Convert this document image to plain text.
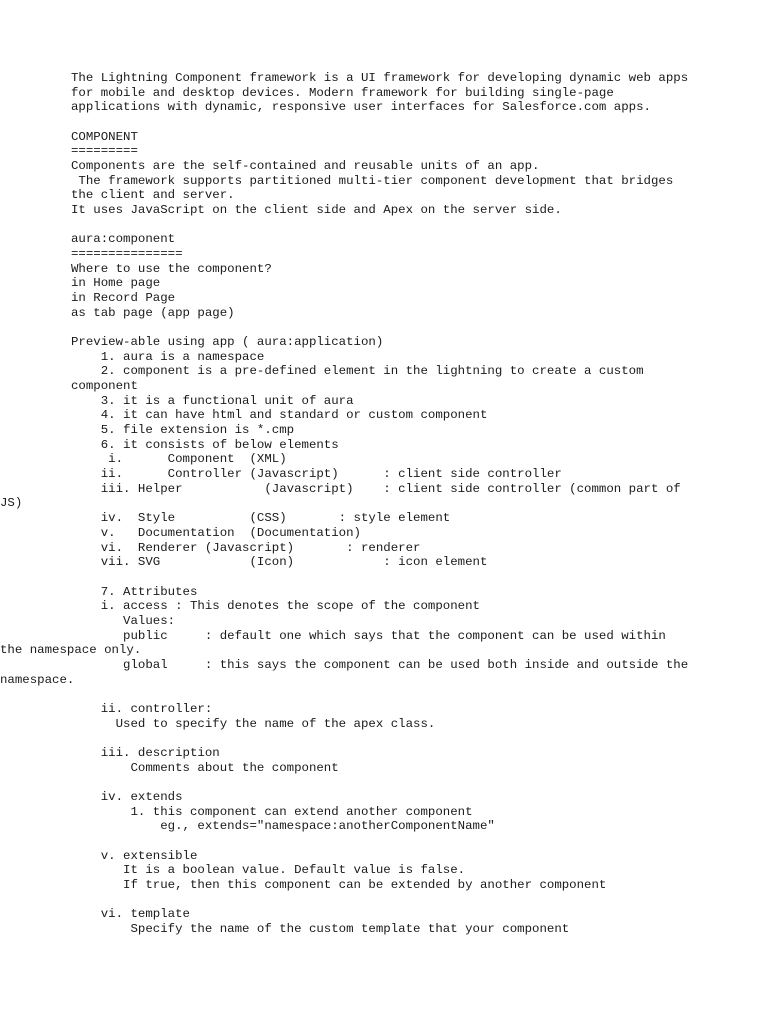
The Lightning Component framework is a UI framework for developing dynamic web apps
for mobile and desktop devices. Modern framework for building single-page
applications with dynamic, responsive user interfaces for Salesforce.com apps.
COMPONENT
=========
Components are the self-contained and reusable units of an app.
The framework supports partitioned multi-tier component development that bridges
the client and server.
It uses JavaScript on the client side and Apex on the server side.
aura:component
===============
Where to use the component?
in Home page
in Record Page
as tab page (app page)
Preview-able using app ( aura:application)
1. aura is a namespace
2. component is a pre-defined element in the lightning to create a custom
component
3. it is a functional unit of aura
4. it can have html and standard or custom component
5. file extension is *.cmp
6. it consists of below elements
i.      Component  (XML)
ii.      Controller (Javascript)      : client side controller
iii. Helper           (Javascript)    : client side controller (common part of
JS)
iv.  Style          (CSS)       : style element
v.   Documentation  (Documentation)
vi.  Renderer (Javascript)       : renderer
vii. SVG            (Icon)            : icon element
7. Attributes
i. access : This denotes the scope of the component
Values:
public     : default one which says that the component can be used within
the namespace only.
global     : this says the component can be used both inside and outside the
namespace.
ii. controller:
Used to specify the name of the apex class.
iii. description
Comments about the component
iv. extends
1. this component can extend another component
eg., extends="namespace:anotherComponentName"
v. extensible
It is a boolean value. Default value is false.
If true, then this component can be extended by another component
vi. template
Specify the name of the custom template that your component
